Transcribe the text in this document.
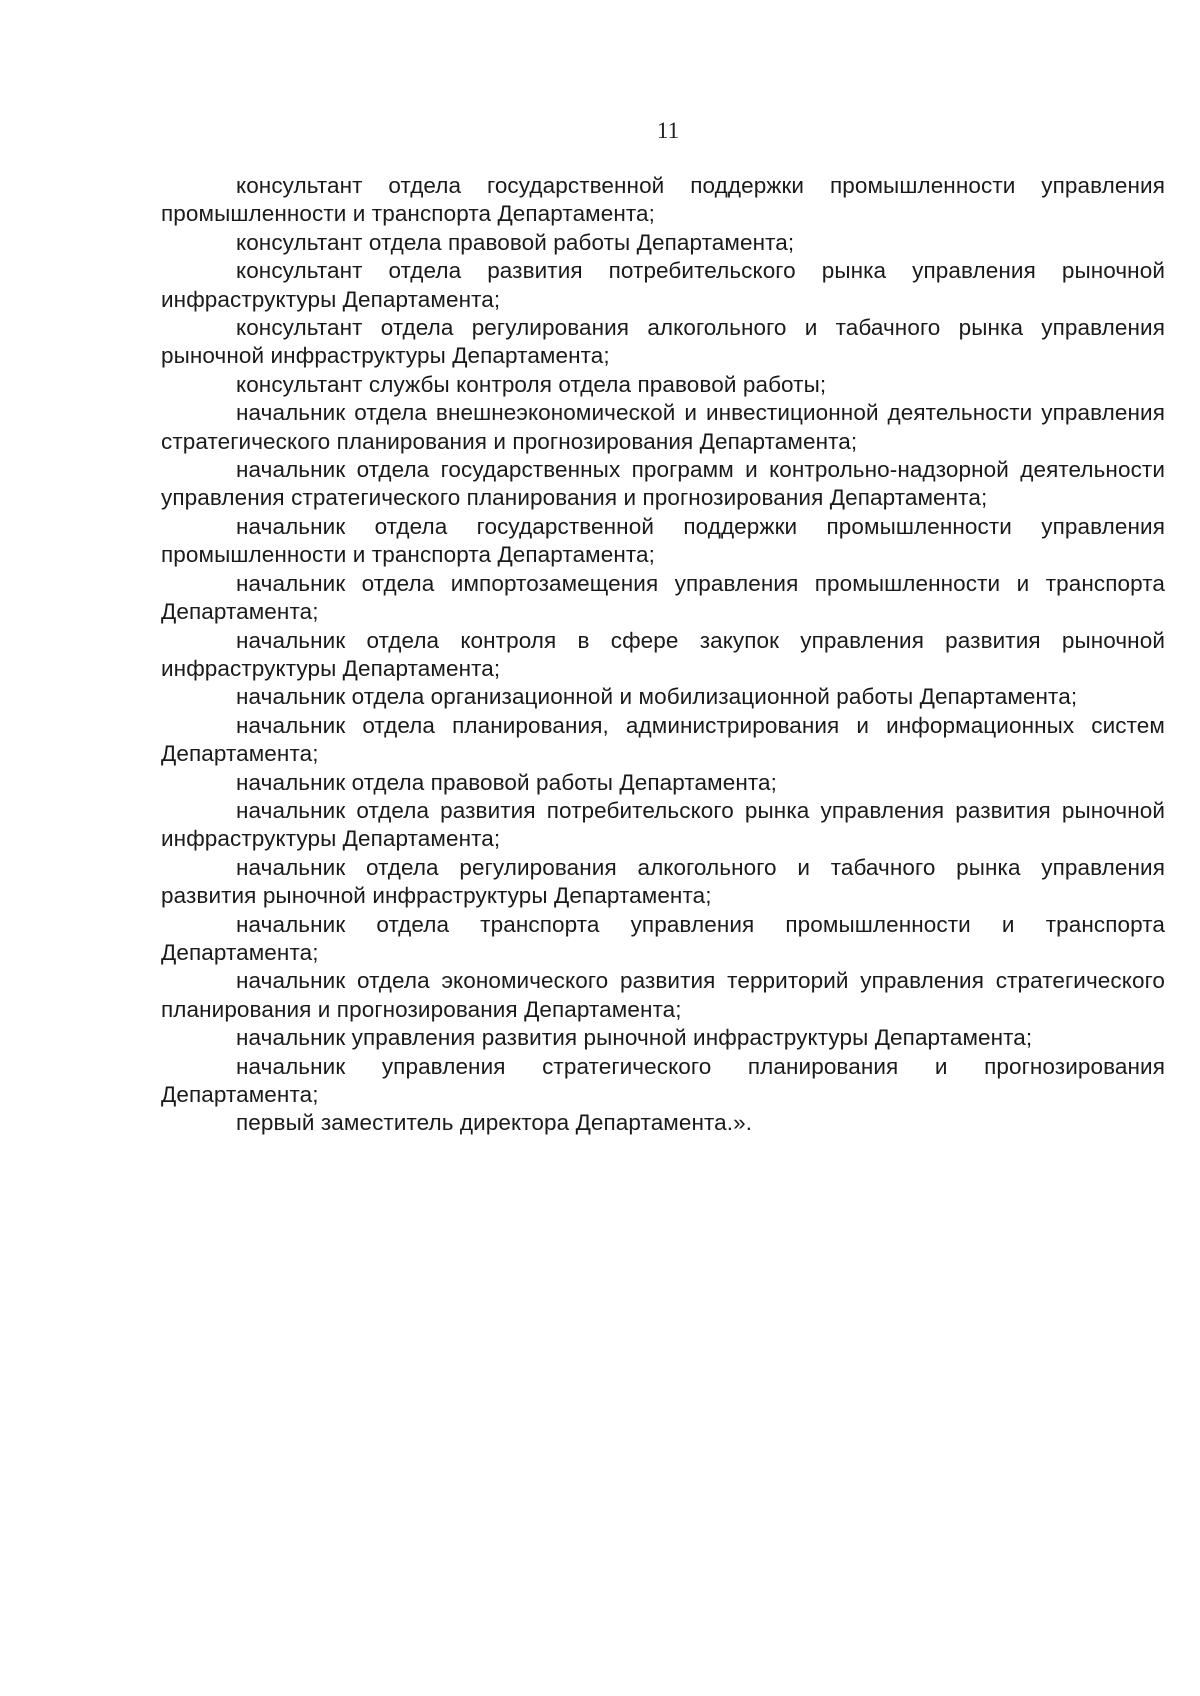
11

консультант отдела государственной поддержки промышленности управления промышленности и транспорта Департамента;

консультант отдела правовой работы Департамента;

консультант отдела развития потребительского рынка управления рыночной инфраструктуры Департамента;

консультант отдела регулирования алкогольного и табачного рынка управления рыночной инфраструктуры Департамента;

консультант службы контроля отдела правовой работы;

начальник отдела внешнеэкономической и инвестиционной деятельности управления стратегического планирования и прогнозирования Департамента;

начальник отдела государственных программ и контрольно-надзорной деятельности управления стратегического планирования и прогнозирования Департамента;

начальник отдела государственной поддержки промышленности управления промышленности и транспорта Департамента;

начальник отдела импортозамещения управления промышленности и транспорта Департамента;

начальник отдела контроля в сфере закупок управления развития рыночной инфраструктуры Департамента;

начальник отдела организационной и мобилизационной работы Департамента;

начальник отдела планирования, администрирования и информационных систем Департамента;

начальник отдела правовой работы Департамента;

начальник отдела развития потребительского рынка управления развития рыночной инфраструктуры Департамента;

начальник отдела регулирования алкогольного и табачного рынка управления развития рыночной инфраструктуры Департамента;

начальник отдела транспорта управления промышленности и транспорта Департамента;

начальник отдела экономического развития территорий управления стратегического планирования и прогнозирования Департамента;

начальник управления развития рыночной инфраструктуры Департамента;

начальник управления стратегического планирования и прогнозирования Департамента;

первый заместитель директора Департамента.».
